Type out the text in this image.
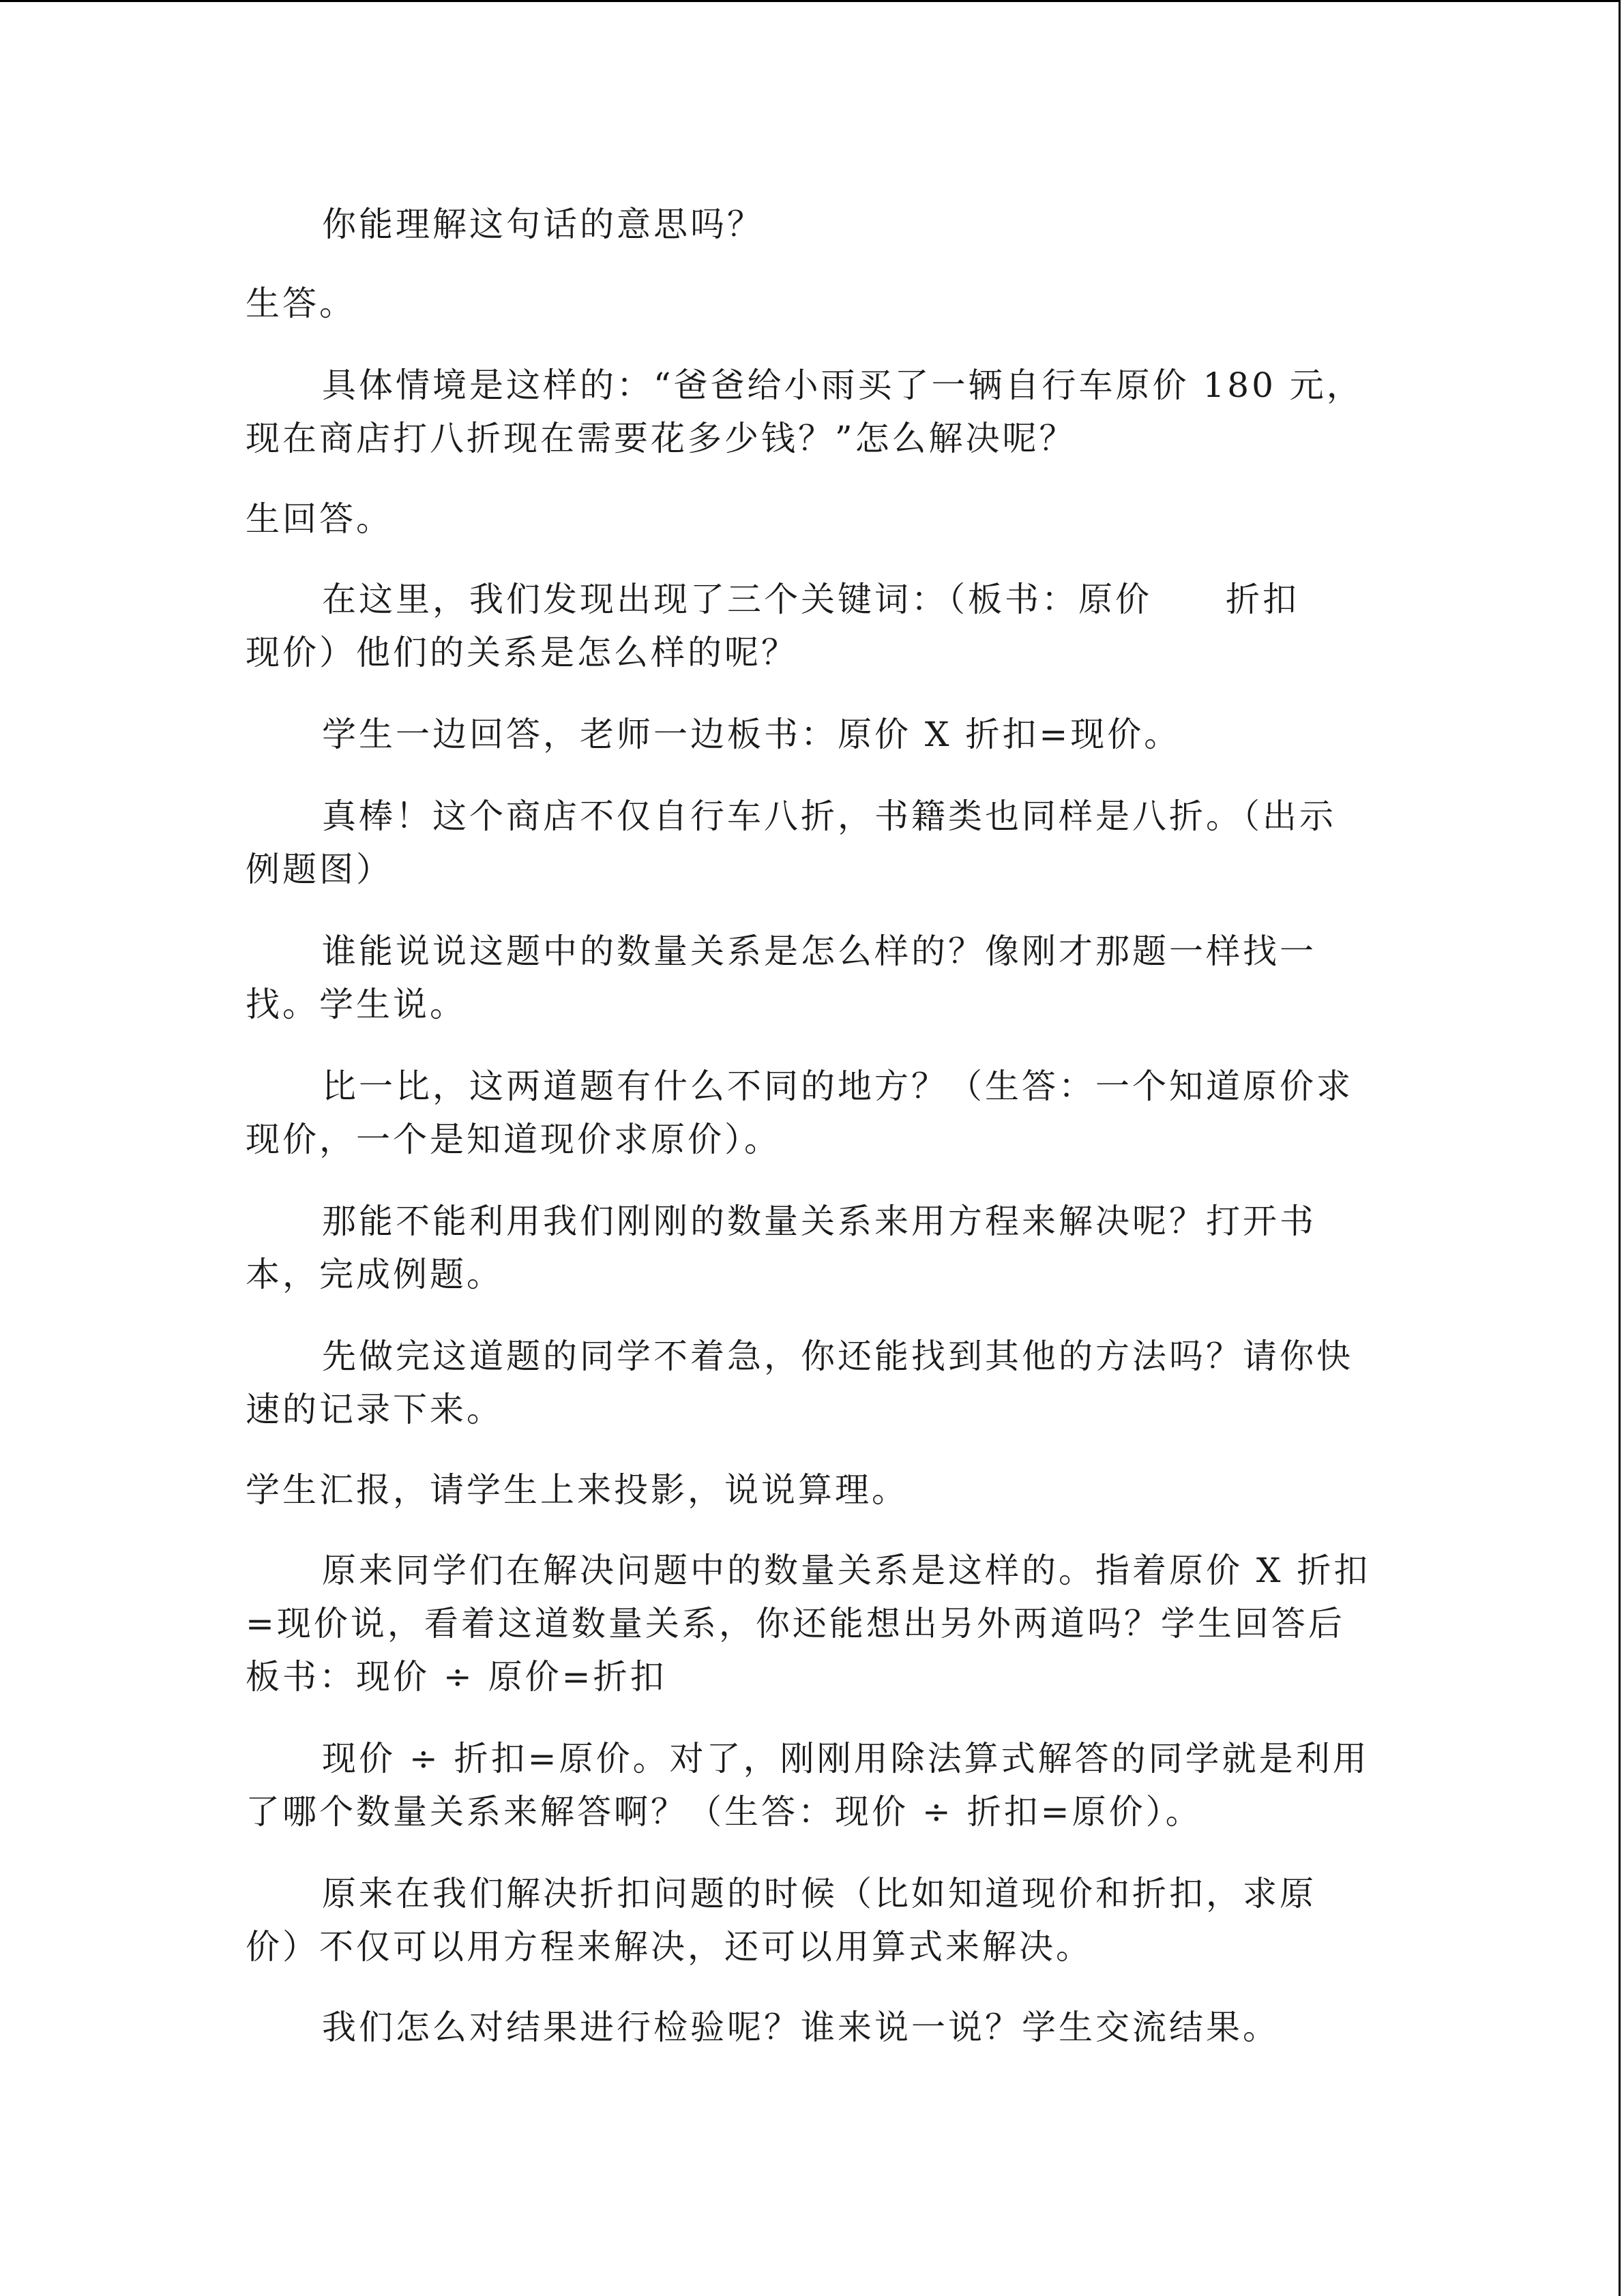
你能理解这句话的意思吗？

生答。

具体情境是这样的：“爸爸给小雨买了一辆自行车原价 180 元，现在商店打八折现在需要花多少钱？”怎么解决呢？

生回答。

在这里，我们发现出现了三个关键词：（板书：原价　　折扣　　现价）他们的关系是怎么样的呢？

学生一边回答，老师一边板书：原价 X 折扣=现价。

真棒！这个商店不仅自行车八折，书籍类也同样是八折。（出示例题图）

谁能说说这题中的数量关系是怎么样的？像刚才那题一样找一找。学生说。

比一比，这两道题有什么不同的地方？（生答：一个知道原价求现价，一个是知道现价求原价）。

那能不能利用我们刚刚的数量关系来用方程来解决呢？打开书本，完成例题。

先做完这道题的同学不着急，你还能找到其他的方法吗？请你快速的记录下来。

学生汇报，请学生上来投影，说说算理。

原来同学们在解决问题中的数量关系是这样的。指着原价 X 折扣=现价说，看着这道数量关系，你还能想出另外两道吗？学生回答后板书：现价 ÷ 原价=折扣

现价 ÷ 折扣=原价。对了，刚刚用除法算式解答的同学就是利用了哪个数量关系来解答啊？（生答：现价 ÷ 折扣=原价）。

原来在我们解决折扣问题的时候（比如知道现价和折扣，求原价）不仅可以用方程来解决，还可以用算式来解决。

我们怎么对结果进行检验呢？谁来说一说？学生交流结果。
